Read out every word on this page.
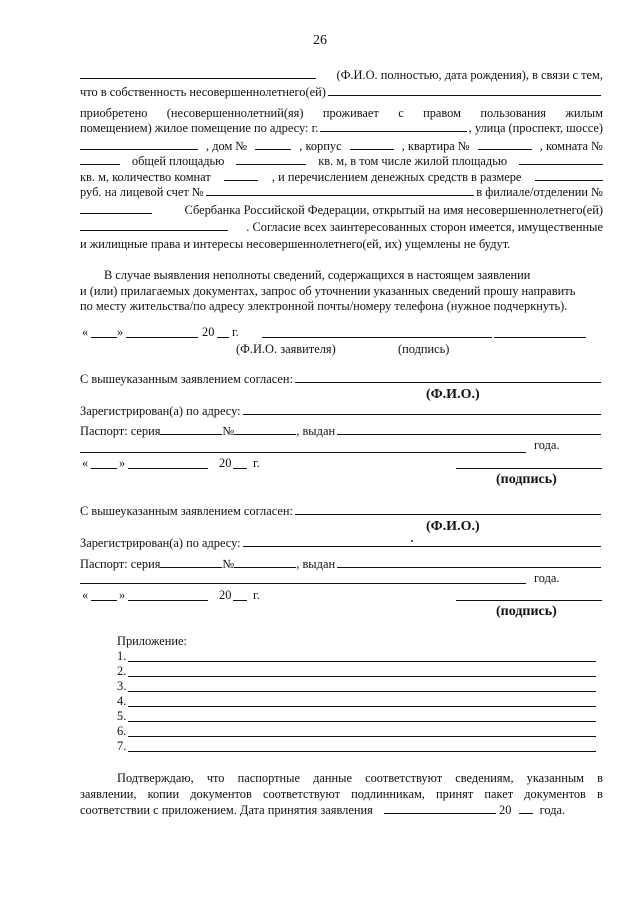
26
(Ф.И.О. полностью, дата рождения), в связи с тем,
что в собственность несовершеннолетнего(ей)
приобретено (несовершеннолетний(яя) проживает с правом пользования жилым
помещением) жилое помещение по адресу: г.	, улица (проспект, шоссе)
, дом №	, корпус	, квартира №	, комната №
общей площадью	кв. м, в том числе жилой площадью
кв. м, количество комнат	, и перечислением денежных средств в размере
руб. на лицевой счет №	в филиале/отделении №
Сбербанка Российской Федерации, открытый на имя несовершеннолетнего(ей)
. Согласие всех заинтересованных сторон имеется, имущественные
и жилищные права и интересы несовершеннолетнего(ей, их) ущемлены не будут.
В случае выявления неполноты сведений, содержащихся в настоящем заявлении
и (или) прилагаемых документах, запрос об уточнении указанных сведений прошу направить
по месту жительства/по адресу электронной почты/номеру телефона (нужное подчеркнуть).
« »	20 г.
(Ф.И.О. заявителя)	(подпись)
С вышеуказанным заявлением согласен:
(Ф.И.О.)
Зарегистрирован(а) по адресу:
Паспорт: серия	№	, выдан
года.
« »	20 г.
(подпись)
С вышеуказанным заявлением согласен:
(Ф.И.О.)
Зарегистрирован(а) по адресу:
Паспорт: серия	№	, выдан
года.
« »	20 г.
(подпись)
Приложение:
1.
2.
3.
4.
5.
6.
7.
Подтверждаю, что паспортные данные соответствуют сведениям, указанным в
заявлении, копии документов соответствуют подлинникам, принят пакет документов в
соответствии с приложением. Дата принятия заявления	20 года.
